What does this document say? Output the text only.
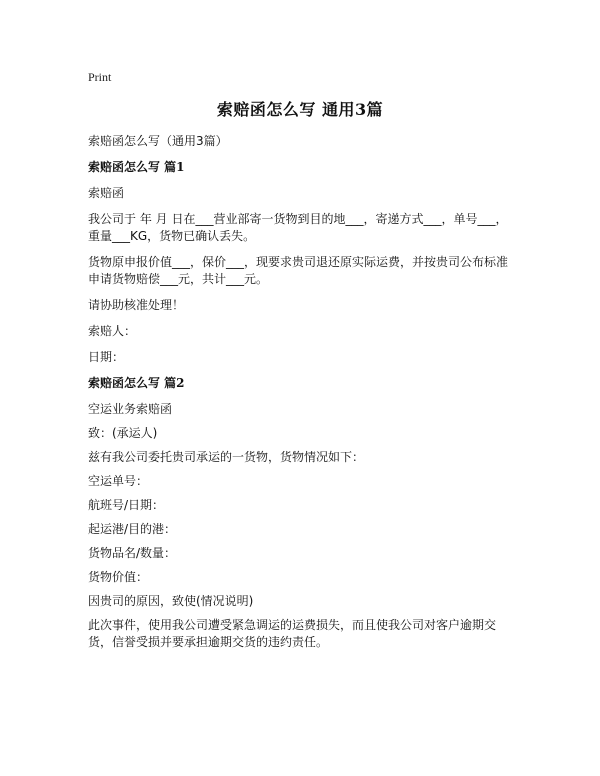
Print
索赔函怎么写 通用3篇

索赔函怎么写（通用3篇）

索赔函怎么写 篇1

索赔函

我公司于 年 月 日在___营业部寄一货物到目的地___，寄递方式___，单号___，重量___KG，货物已确认丢失。

货物原申报价值___，保价___，现要求贵司退还原实际运费，并按贵司公布标准申请货物赔偿___元，共计___元。

请协助核准处理！

索赔人：

日期：

索赔函怎么写 篇2

空运业务索赔函

致：(承运人)

兹有我公司委托贵司承运的一货物，货物情况如下：

空运单号：

航班号/日期：

起运港/目的港：

货物品名/数量：

货物价值：

因贵司的原因，致使(情况说明)

此次事件，使用我公司遭受紧急调运的运费损失，而且使我公司对客户逾期交货，信誉受损并要承担逾期交货的违约责任。
